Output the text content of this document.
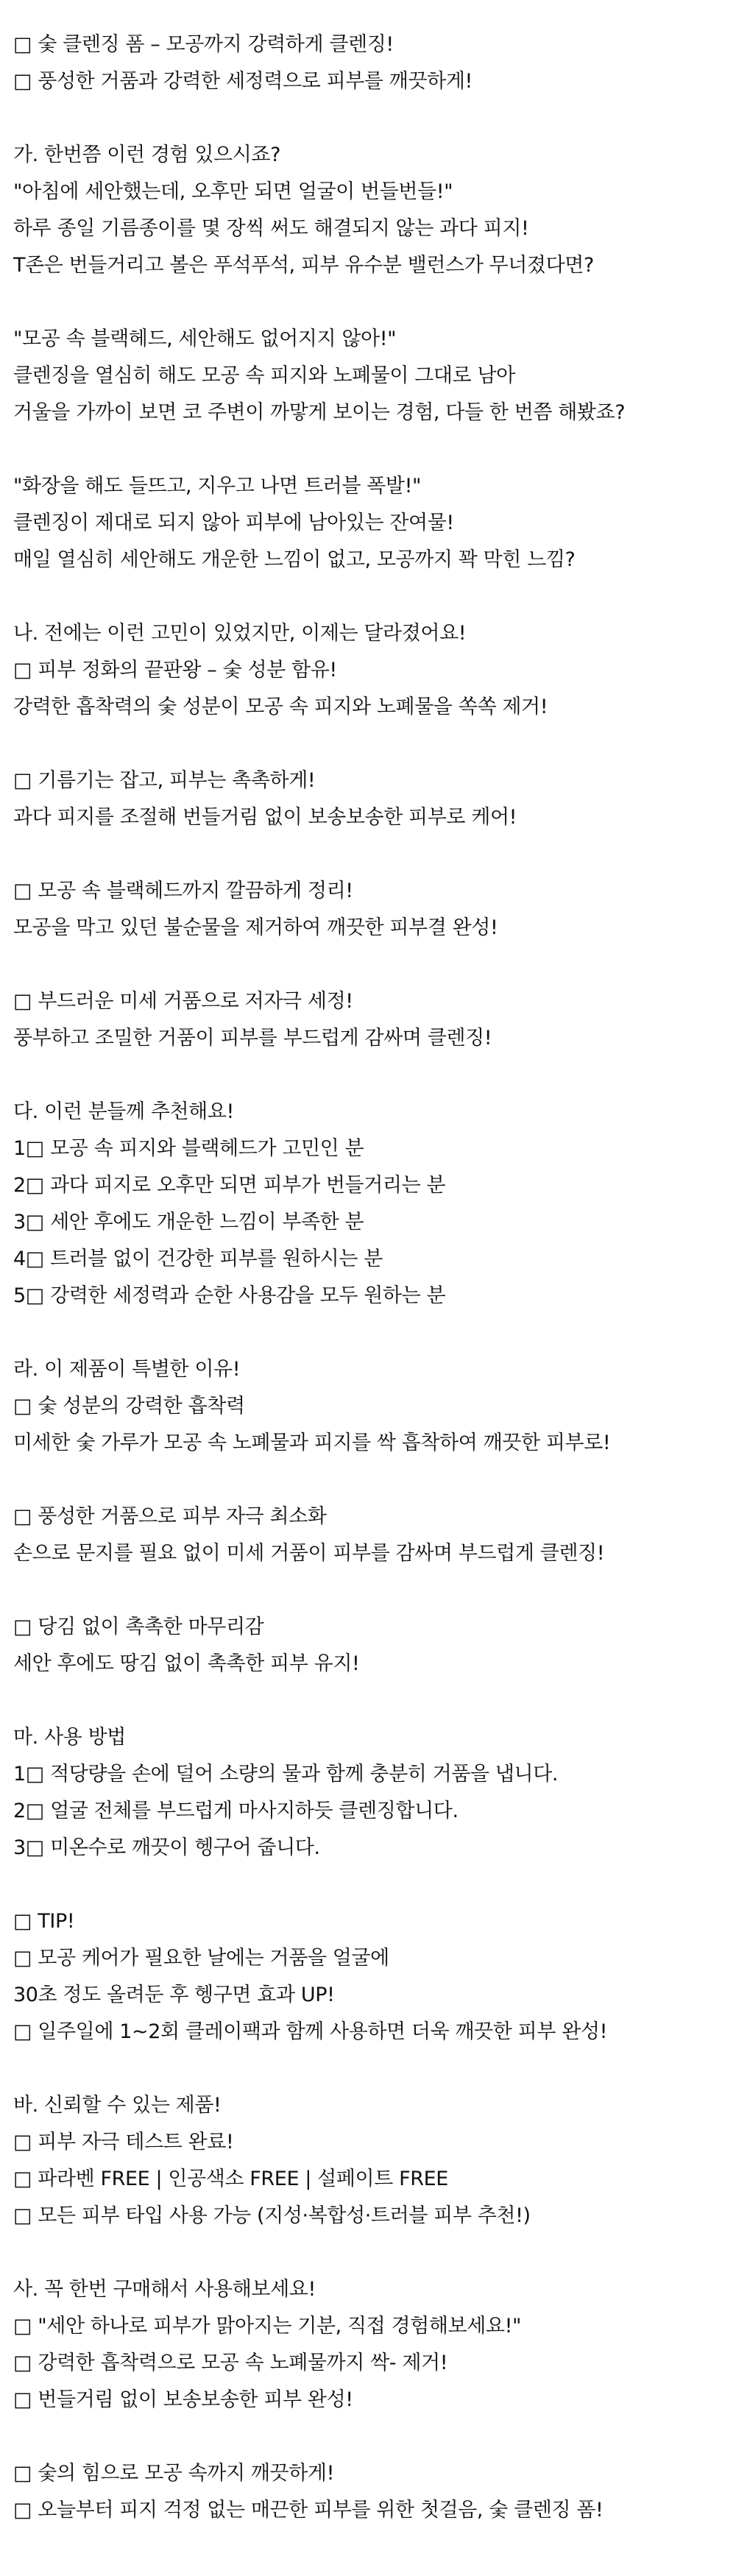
□ 숯 클렌징 폼 – 모공까지 강력하게 클렌징!
□ 풍성한 거품과 강력한 세정력으로 피부를 깨끗하게!
가. 한번쯤 이런 경험 있으시죠?
"아침에 세안했는데, 오후만 되면 얼굴이 번들번들!"
하루 종일 기름종이를 몇 장씩 써도 해결되지 않는 과다 피지!
T존은 번들거리고 볼은 푸석푸석, 피부 유수분 밸런스가 무너졌다면?
"모공 속 블랙헤드, 세안해도 없어지지 않아!"
클렌징을 열심히 해도 모공 속 피지와 노폐물이 그대로 남아
거울을 가까이 보면 코 주변이 까맣게 보이는 경험, 다들 한 번쯤 해봤죠?
"화장을 해도 들뜨고, 지우고 나면 트러블 폭발!"
클렌징이 제대로 되지 않아 피부에 남아있는 잔여물!
매일 열심히 세안해도 개운한 느낌이 없고, 모공까지 꽉 막힌 느낌?
나. 전에는 이런 고민이 있었지만, 이제는 달라졌어요!
□ 피부 정화의 끝판왕 – 숯 성분 함유!
강력한 흡착력의 숯 성분이 모공 속 피지와 노폐물을 쏙쏙 제거!
□ 기름기는 잡고, 피부는 촉촉하게!
과다 피지를 조절해 번들거림 없이 보송보송한 피부로 케어!
□ 모공 속 블랙헤드까지 깔끔하게 정리!
모공을 막고 있던 불순물을 제거하여 깨끗한 피부결 완성!
□ 부드러운 미세 거품으로 저자극 세정!
풍부하고 조밀한 거품이 피부를 부드럽게 감싸며 클렌징!
다. 이런 분들께 추천해요!
1□ 모공 속 피지와 블랙헤드가 고민인 분
2□ 과다 피지로 오후만 되면 피부가 번들거리는 분
3□ 세안 후에도 개운한 느낌이 부족한 분
4□ 트러블 없이 건강한 피부를 원하시는 분
5□ 강력한 세정력과 순한 사용감을 모두 원하는 분
라. 이 제품이 특별한 이유!
□ 숯 성분의 강력한 흡착력
미세한 숯 가루가 모공 속 노폐물과 피지를 싹 흡착하여 깨끗한 피부로!
□ 풍성한 거품으로 피부 자극 최소화
손으로 문지를 필요 없이 미세 거품이 피부를 감싸며 부드럽게 클렌징!
□ 당김 없이 촉촉한 마무리감
세안 후에도 땅김 없이 촉촉한 피부 유지!
마. 사용 방법
1□ 적당량을 손에 덜어 소량의 물과 함께 충분히 거품을 냅니다.
2□ 얼굴 전체를 부드럽게 마사지하듯 클렌징합니다.
3□ 미온수로 깨끗이 헹구어 줍니다.
□ TIP!
□ 모공 케어가 필요한 날에는 거품을 얼굴에
30초 정도 올려둔 후 헹구면 효과 UP!
□ 일주일에 1~2회 클레이팩과 함께 사용하면 더욱 깨끗한 피부 완성!
바. 신뢰할 수 있는 제품!
□ 피부 자극 테스트 완료!
□ 파라벤 FREE | 인공색소 FREE | 설페이트 FREE
□ 모든 피부 타입 사용 가능 (지성·복합성·트러블 피부 추천!)
사. 꼭 한번 구매해서 사용해보세요!
□ "세안 하나로 피부가 맑아지는 기분, 직접 경험해보세요!"
□ 강력한 흡착력으로 모공 속 노폐물까지 싹- 제거!
□ 번들거림 없이 보송보송한 피부 완성!
□ 숯의 힘으로 모공 속까지 깨끗하게!
□ 오늘부터 피지 걱정 없는 매끈한 피부를 위한 첫걸음, 숯 클렌징 폼!
